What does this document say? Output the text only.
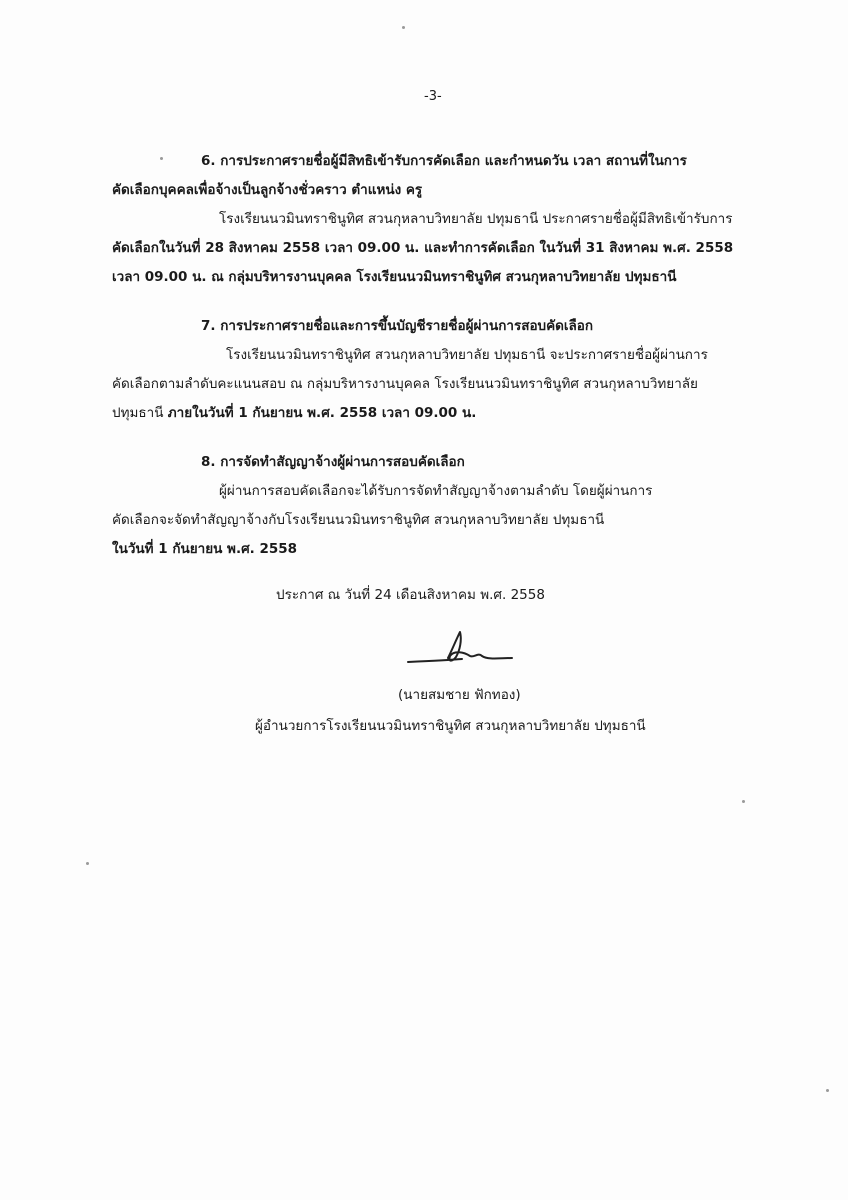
-3-
6. การประกาศรายชื่อผู้มีสิทธิเข้ารับการคัดเลือก และกำหนดวัน เวลา สถานที่ในการ
คัดเลือกบุคคลเพื่อจ้างเป็นลูกจ้างชั่วคราว ตำแหน่ง ครู
โรงเรียนนวมินทราชินูทิศ สวนกุหลาบวิทยาลัย ปทุมธานี ประกาศรายชื่อผู้มีสิทธิเข้ารับการ
คัดเลือกในวันที่ 28 สิงหาคม 2558 เวลา 09.00 น. และทำการคัดเลือก ในวันที่ 31 สิงหาคม พ.ศ. 2558
เวลา 09.00 น. ณ กลุ่มบริหารงานบุคคล โรงเรียนนวมินทราชินูทิศ สวนกุหลาบวิทยาลัย ปทุมธานี
7. การประกาศรายชื่อและการขึ้นบัญชีรายชื่อผู้ผ่านการสอบคัดเลือก
โรงเรียนนวมินทราชินูทิศ สวนกุหลาบวิทยาลัย ปทุมธานี จะประกาศรายชื่อผู้ผ่านการ
คัดเลือกตามลำดับคะแนนสอบ ณ กลุ่มบริหารงานบุคคล โรงเรียนนวมินทราชินูทิศ สวนกุหลาบวิทยาลัย
ปทุมธานี ภายในวันที่ 1 กันยายน พ.ศ. 2558 เวลา 09.00 น.
8. การจัดทำสัญญาจ้างผู้ผ่านการสอบคัดเลือก
ผู้ผ่านการสอบคัดเลือกจะได้รับการจัดทำสัญญาจ้างตามลำดับ โดยผู้ผ่านการ
คัดเลือกจะจัดทำสัญญาจ้างกับโรงเรียนนวมินทราชินูทิศ สวนกุหลาบวิทยาลัย ปทุมธานี
ในวันที่ 1 กันยายน พ.ศ. 2558
ประกาศ ณ วันที่ 24 เดือนสิงหาคม พ.ศ. 2558
(นายสมชาย ฟักทอง)
ผู้อำนวยการโรงเรียนนวมินทราชินูทิศ สวนกุหลาบวิทยาลัย ปทุมธานี
